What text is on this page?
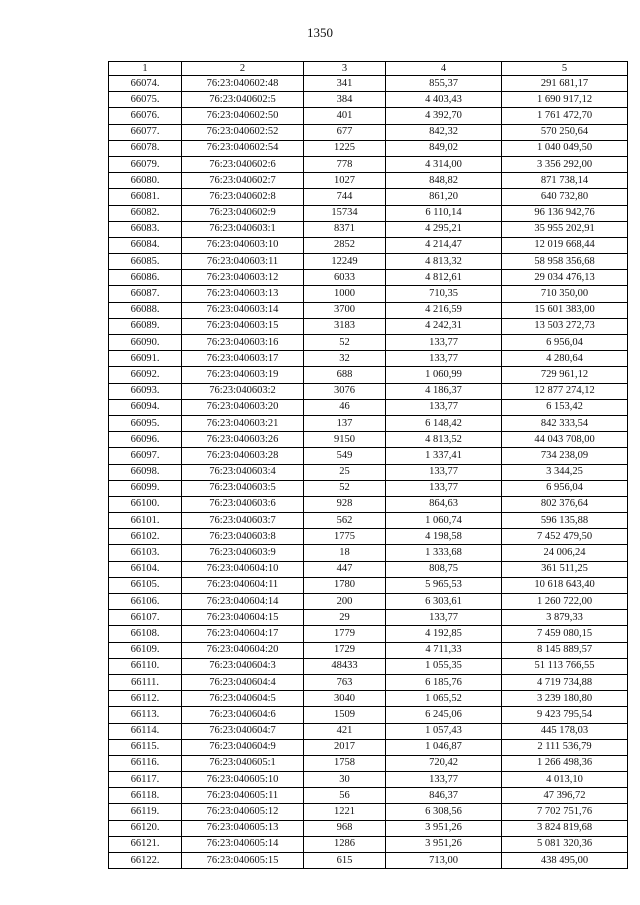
1350
1	2	3	4	5
66074.	76:23:040602:48	341	855,37	291 681,17
66075.	76:23:040602:5	384	4 403,43	1 690 917,12
66076.	76:23:040602:50	401	4 392,70	1 761 472,70
66077.	76:23:040602:52	677	842,32	570 250,64
66078.	76:23:040602:54	1225	849,02	1 040 049,50
66079.	76:23:040602:6	778	4 314,00	3 356 292,00
66080.	76:23:040602:7	1027	848,82	871 738,14
66081.	76:23:040602:8	744	861,20	640 732,80
66082.	76:23:040602:9	15734	6 110,14	96 136 942,76
66083.	76:23:040603:1	8371	4 295,21	35 955 202,91
66084.	76:23:040603:10	2852	4 214,47	12 019 668,44
66085.	76:23:040603:11	12249	4 813,32	58 958 356,68
66086.	76:23:040603:12	6033	4 812,61	29 034 476,13
66087.	76:23:040603:13	1000	710,35	710 350,00
66088.	76:23:040603:14	3700	4 216,59	15 601 383,00
66089.	76:23:040603:15	3183	4 242,31	13 503 272,73
66090.	76:23:040603:16	52	133,77	6 956,04
66091.	76:23:040603:17	32	133,77	4 280,64
66092.	76:23:040603:19	688	1 060,99	729 961,12
66093.	76:23:040603:2	3076	4 186,37	12 877 274,12
66094.	76:23:040603:20	46	133,77	6 153,42
66095.	76:23:040603:21	137	6 148,42	842 333,54
66096.	76:23:040603:26	9150	4 813,52	44 043 708,00
66097.	76:23:040603:28	549	1 337,41	734 238,09
66098.	76:23:040603:4	25	133,77	3 344,25
66099.	76:23:040603:5	52	133,77	6 956,04
66100.	76:23:040603:6	928	864,63	802 376,64
66101.	76:23:040603:7	562	1 060,74	596 135,88
66102.	76:23:040603:8	1775	4 198,58	7 452 479,50
66103.	76:23:040603:9	18	1 333,68	24 006,24
66104.	76:23:040604:10	447	808,75	361 511,25
66105.	76:23:040604:11	1780	5 965,53	10 618 643,40
66106.	76:23:040604:14	200	6 303,61	1 260 722,00
66107.	76:23:040604:15	29	133,77	3 879,33
66108.	76:23:040604:17	1779	4 192,85	7 459 080,15
66109.	76:23:040604:20	1729	4 711,33	8 145 889,57
66110.	76:23:040604:3	48433	1 055,35	51 113 766,55
66111.	76:23:040604:4	763	6 185,76	4 719 734,88
66112.	76:23:040604:5	3040	1 065,52	3 239 180,80
66113.	76:23:040604:6	1509	6 245,06	9 423 795,54
66114.	76:23:040604:7	421	1 057,43	445 178,03
66115.	76:23:040604:9	2017	1 046,87	2 111 536,79
66116.	76:23:040605:1	1758	720,42	1 266 498,36
66117.	76:23:040605:10	30	133,77	4 013,10
66118.	76:23:040605:11	56	846,37	47 396,72
66119.	76:23:040605:12	1221	6 308,56	7 702 751,76
66120.	76:23:040605:13	968	3 951,26	3 824 819,68
66121.	76:23:040605:14	1286	3 951,26	5 081 320,36
66122.	76:23:040605:15	615	713,00	438 495,00
